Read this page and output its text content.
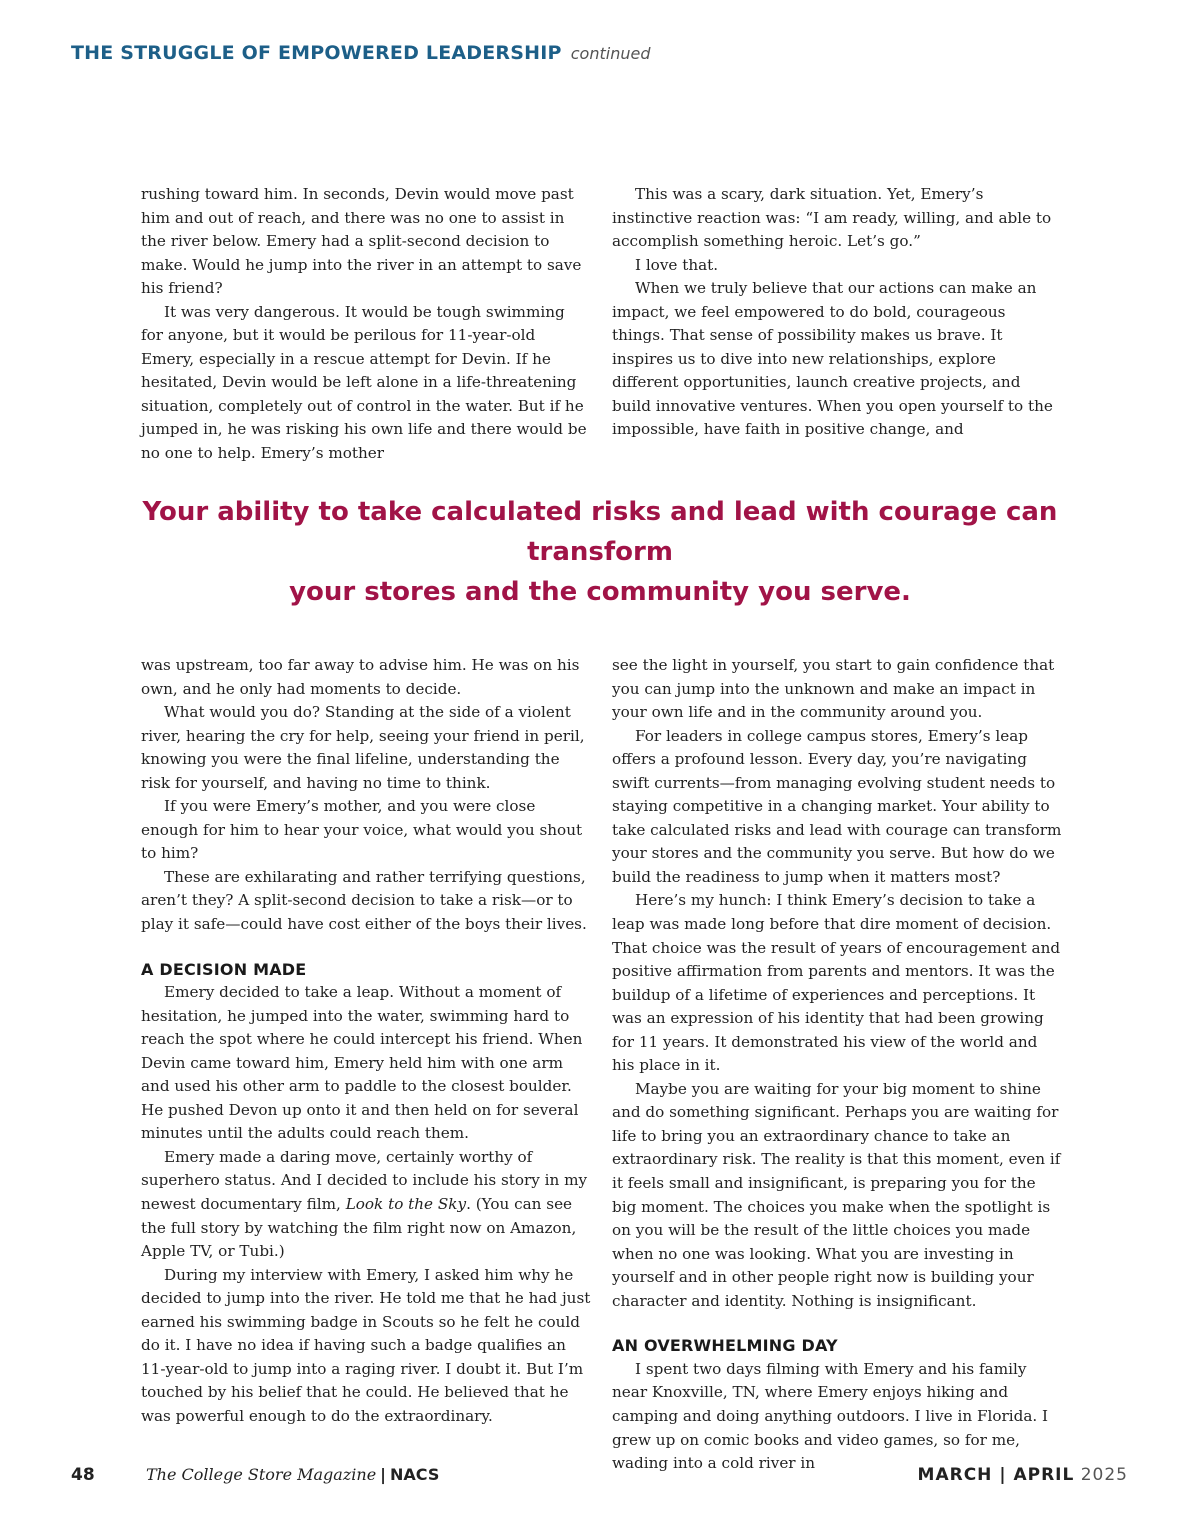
THE STRUGGLE OF EMPOWERED LEADERSHIP continued

rushing toward him. In seconds, Devin would move past him and out of reach, and there was no one to assist in the river below. Emery had a split-second decision to make. Would he jump into the river in an attempt to save his friend?

It was very dangerous. It would be tough swimming for anyone, but it would be perilous for 11-year-old Emery, especially in a rescue attempt for Devin. If he hesitated, Devin would be left alone in a life-threatening situation, completely out of control in the water. But if he jumped in, he was risking his own life and there would be no one to help. Emery’s mother

This was a scary, dark situation. Yet, Emery’s instinctive reaction was: “I am ready, willing, and able to accomplish something heroic. Let’s go.”

I love that.

When we truly believe that our actions can make an impact, we feel empowered to do bold, courageous things. That sense of possibility makes us brave. It inspires us to dive into new relationships, explore different opportunities, launch creative projects, and build innovative ventures. When you open yourself to the impossible, have faith in positive change, and

Your ability to take calculated risks and lead with courage can transform
your stores and the community you serve.

was upstream, too far away to advise him. He was on his own, and he only had moments to decide.

What would you do? Standing at the side of a violent river, hearing the cry for help, seeing your friend in peril, knowing you were the final lifeline, understanding the risk for yourself, and having no time to think.

If you were Emery’s mother, and you were close enough for him to hear your voice, what would you shout to him?

These are exhilarating and rather terrifying questions, aren’t they? A split-second decision to take a risk—or to play it safe—could have cost either of the boys their lives.

A DECISION MADE

Emery decided to take a leap. Without a moment of hesitation, he jumped into the water, swimming hard to reach the spot where he could intercept his friend. When Devin came toward him, Emery held him with one arm and used his other arm to paddle to the closest boulder. He pushed Devon up onto it and then held on for several minutes until the adults could reach them.

Emery made a daring move, certainly worthy of superhero status. And I decided to include his story in my newest documentary film, Look to the Sky. (You can see the full story by watching the film right now on Amazon, Apple TV, or Tubi.)

During my interview with Emery, I asked him why he decided to jump into the river. He told me that he had just earned his swimming badge in Scouts so he felt he could do it. I have no idea if having such a badge qualifies an 11-year-old to jump into a raging river. I doubt it. But I’m touched by his belief that he could. He believed that he was powerful enough to do the extraordinary.

see the light in yourself, you start to gain confidence that you can jump into the unknown and make an impact in your own life and in the community around you.

For leaders in college campus stores, Emery’s leap offers a profound lesson. Every day, you’re navigating swift currents—from managing evolving student needs to staying competitive in a changing market. Your ability to take calculated risks and lead with courage can transform your stores and the community you serve. But how do we build the readiness to jump when it matters most?

Here’s my hunch: I think Emery’s decision to take a leap was made long before that dire moment of decision. That choice was the result of years of encouragement and positive affirmation from parents and mentors. It was the buildup of a lifetime of experiences and perceptions. It was an expression of his identity that had been growing for 11 years. It demonstrated his view of the world and his place in it.

Maybe you are waiting for your big moment to shine and do something significant. Perhaps you are waiting for life to bring you an extraordinary chance to take an extraordinary risk. The reality is that this moment, even if it feels small and insignificant, is preparing you for the big moment. The choices you make when the spotlight is on you will be the result of the little choices you made when no one was looking. What you are investing in yourself and in other people right now is building your character and identity. Nothing is insignificant.

AN OVERWHELMING DAY

I spent two days filming with Emery and his family near Knoxville, TN, where Emery enjoys hiking and camping and doing anything outdoors. I live in Florida. I grew up on comic books and video games, so for me, wading into a cold river in

48	The College Store Magazine | NACS	MARCH | APRIL 2025
